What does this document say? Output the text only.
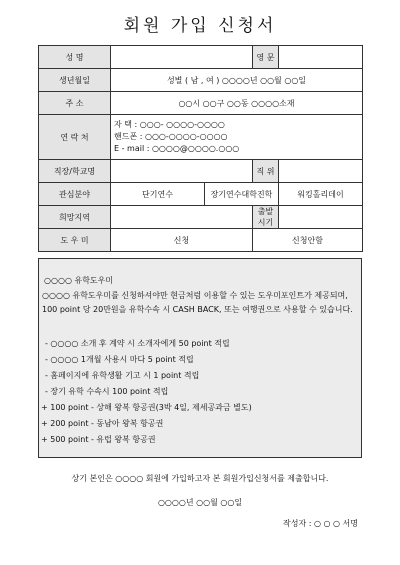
회원 가입 신청서
성 명			영 문	
생년월일	성별 ( 남 , 여 ) ○○○○년 ○○월 ○○일			
주 소	○○시 ○○구 ○○동 ○○○○소재			
연 락 처	자 택 : ○○○- ○○○○-○○○○
핸드폰 : ○○○-○○○○-○○○○
E - mail : ○○○○@○○○○.○○○			

직장/학교명			직 위	
관심분야	단기연수	장기연수대학진학		워킹홀리데이
희망지역			출발시기	
도 우 미	신청		신청안함	
○○○○ 유학도우미
○○○○ 유학도우미를 신청하셔야만 현금처럼 이용할 수 있는 도우미포인트가 제공되며, 100 point 당 20만원을 유학수속 시 CASH BACK, 또는 여행권으로 사용할 수 있습니다.
- ○○○○ 소개 후 계약 시 소개자에게 50 point 적립
- ○○○○ 1개월 사용시 마다 5 point 적립
- 홈페이지에 유학생활 기고 시 1 point 적립
- 장기 유학 수속시 100 point 적립
+ 100 point - 상해 왕복 항공권(3박 4일, 제세공과금 별도)
+ 200 point - 동남아 왕복 항공권
+ 500 point - 유럽 왕복 항공권
상기 본인은 ○○○○ 회원에 가입하고자 본 회원가입신청서를 제출합니다.
○○○○년 ○○월 ○○일
작성자 : ○ ○ ○ 서명
